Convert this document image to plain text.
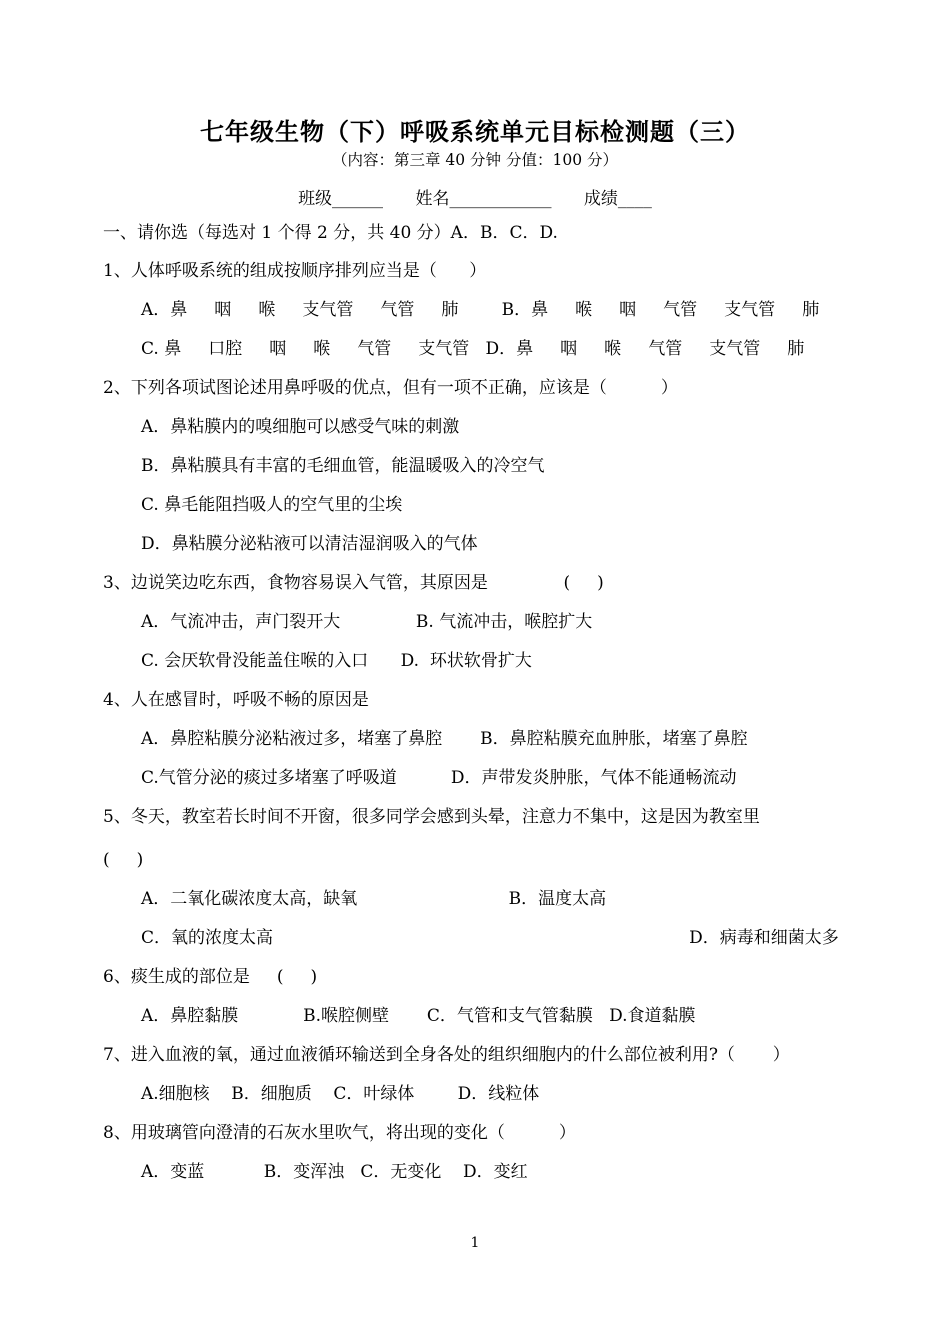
七年级生物（下）呼吸系统单元目标检测题（三）
（内容：第三章 40 分钟 分值：100 分）
班级______      姓名____________      成绩____
一、请你选（每选对 1 个得 2 分，共 40 分）A．B．C．D.
1、人体呼吸系统的组成按顺序排列应当是（      ）
A．鼻     咽     喉     支气管     气管     肺        B．鼻     喉     咽     气管     支气管     肺
C. 鼻     口腔     咽     喉     气管     支气管   D．鼻     咽     喉     气管     支气管     肺
2、下列各项试图论述用鼻呼吸的优点，但有一项不正确，应该是（          ）
A．鼻粘膜内的嗅细胞可以感受气味的刺激
B．鼻粘膜具有丰富的毛细血管，能温暖吸入的冷空气
C. 鼻毛能阻挡吸人的空气里的尘埃
D．鼻粘膜分泌粘液可以清洁湿润吸入的气体
3、边说笑边吃东西，食物容易误入气管，其原因是              (     )
A．气流冲击，声门裂开大              B. 气流冲击，喉腔扩大
C. 会厌软骨没能盖住喉的入口      D.  环状软骨扩大
4、人在感冒时，呼吸不畅的原因是
A．鼻腔粘膜分泌粘液过多，堵塞了鼻腔       B．鼻腔粘膜充血肿胀，堵塞了鼻腔
C.气管分泌的痰过多堵塞了呼吸道          D．声带发炎肿胀，气体不能通畅流动
5、冬天，教室若长时间不开窗，很多同学会感到头晕，注意力不集中，这是因为教室里
(     )
A．二氧化碳浓度太高，缺氧                            B．温度太高
C．氧的浓度太高                                                                             D．病毒和细菌太多
6、痰生成的部位是     (     )
A．鼻腔黏膜            B.喉腔侧壁       C．气管和支气管黏膜   D.食道黏膜
7、进入血液的氧，通过血液循环输送到全身各处的组织细胞内的什么部位被利用?（       ）
A.细胞核    B．细胞质    C．叶绿体        D．线粒体
8、用玻璃管向澄清的石灰水里吹气，将出现的变化（          ）
A．变蓝           B．变浑浊   C．无变化    D．变红
1
